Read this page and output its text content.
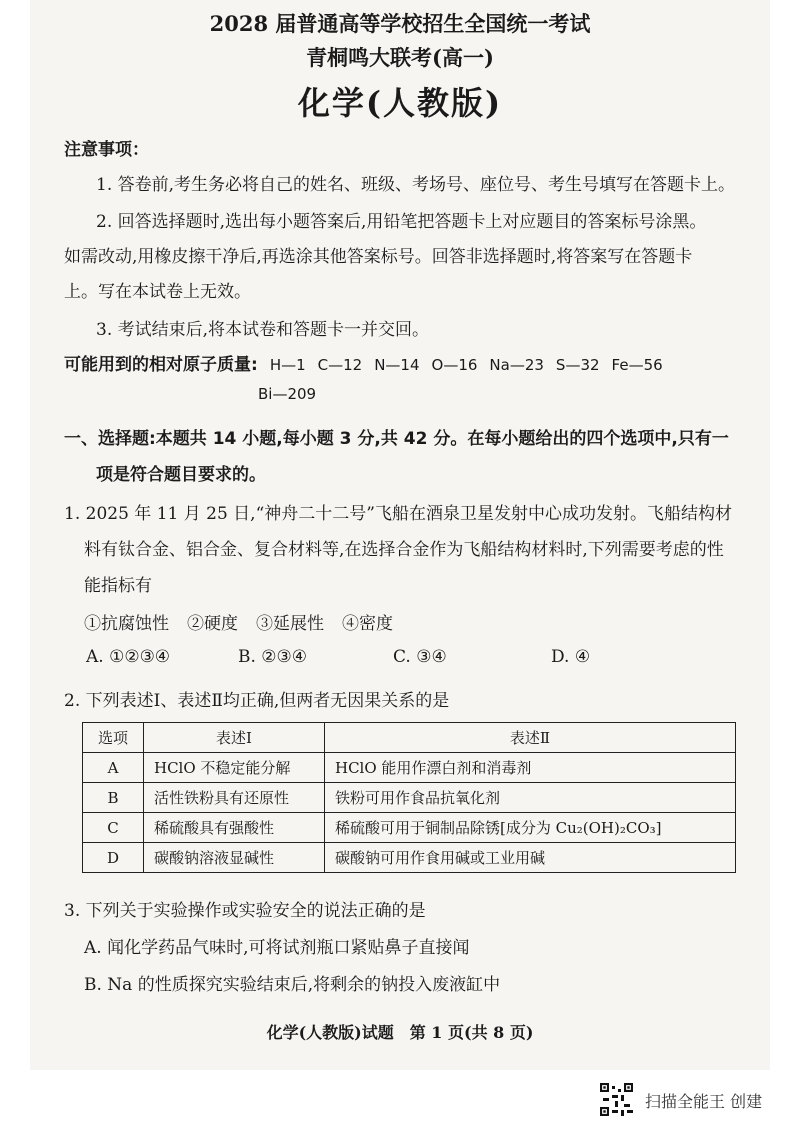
2028 届普通高等学校招生全国统一考试
青桐鸣大联考(高一)
化学(人教版)
注意事项：
1. 答卷前,考生务必将自己的姓名、班级、考场号、座位号、考生号填写在答题卡上。
2. 回答选择题时,选出每小题答案后,用铅笔把答题卡上对应题目的答案标号涂黑。
如需改动,用橡皮擦干净后,再选涂其他答案标号。回答非选择题时,将答案写在答题卡
上。写在本试卷上无效。
3. 考试结束后,将本试卷和答题卡一并交回。
可能用到的相对原子质量: H—1 C—12 N—14 O—16 Na—23 S—32 Fe—56
Bi—209
一、选择题:本题共 14 小题,每小题 3 分,共 42 分。在每小题给出的四个选项中,只有一
项是符合题目要求的。
1. 2025 年 11 月 25 日,“神舟二十二号”飞船在酒泉卫星发射中心成功发射。飞船结构材
料有钛合金、铝合金、复合材料等,在选择合金作为飞船结构材料时,下列需要考虑的性
能指标有
①抗腐蚀性 ②硬度 ③延展性 ④密度
A. ①②③④	B. ②③④	C. ③④	D. ④
2. 下列表述Ⅰ、表述Ⅱ均正确,但两者无因果关系的是
选项	表述Ⅰ	表述Ⅱ
A	HClO 不稳定能分解	HClO 能用作漂白剂和消毒剂
B	活性铁粉具有还原性	铁粉可用作食品抗氧化剂
C	稀硫酸具有强酸性	稀硫酸可用于铜制品除锈[成分为 Cu₂(OH)₂CO₃]
D	碳酸钠溶液显碱性	碳酸钠可用作食用碱或工业用碱
3. 下列关于实验操作或实验安全的说法正确的是
A. 闻化学药品气味时,可将试剂瓶口紧贴鼻子直接闻
B. Na 的性质探究实验结束后,将剩余的钠投入废液缸中
化学(人教版)试题　第 1 页(共 8 页)
扫描全能王 创建
